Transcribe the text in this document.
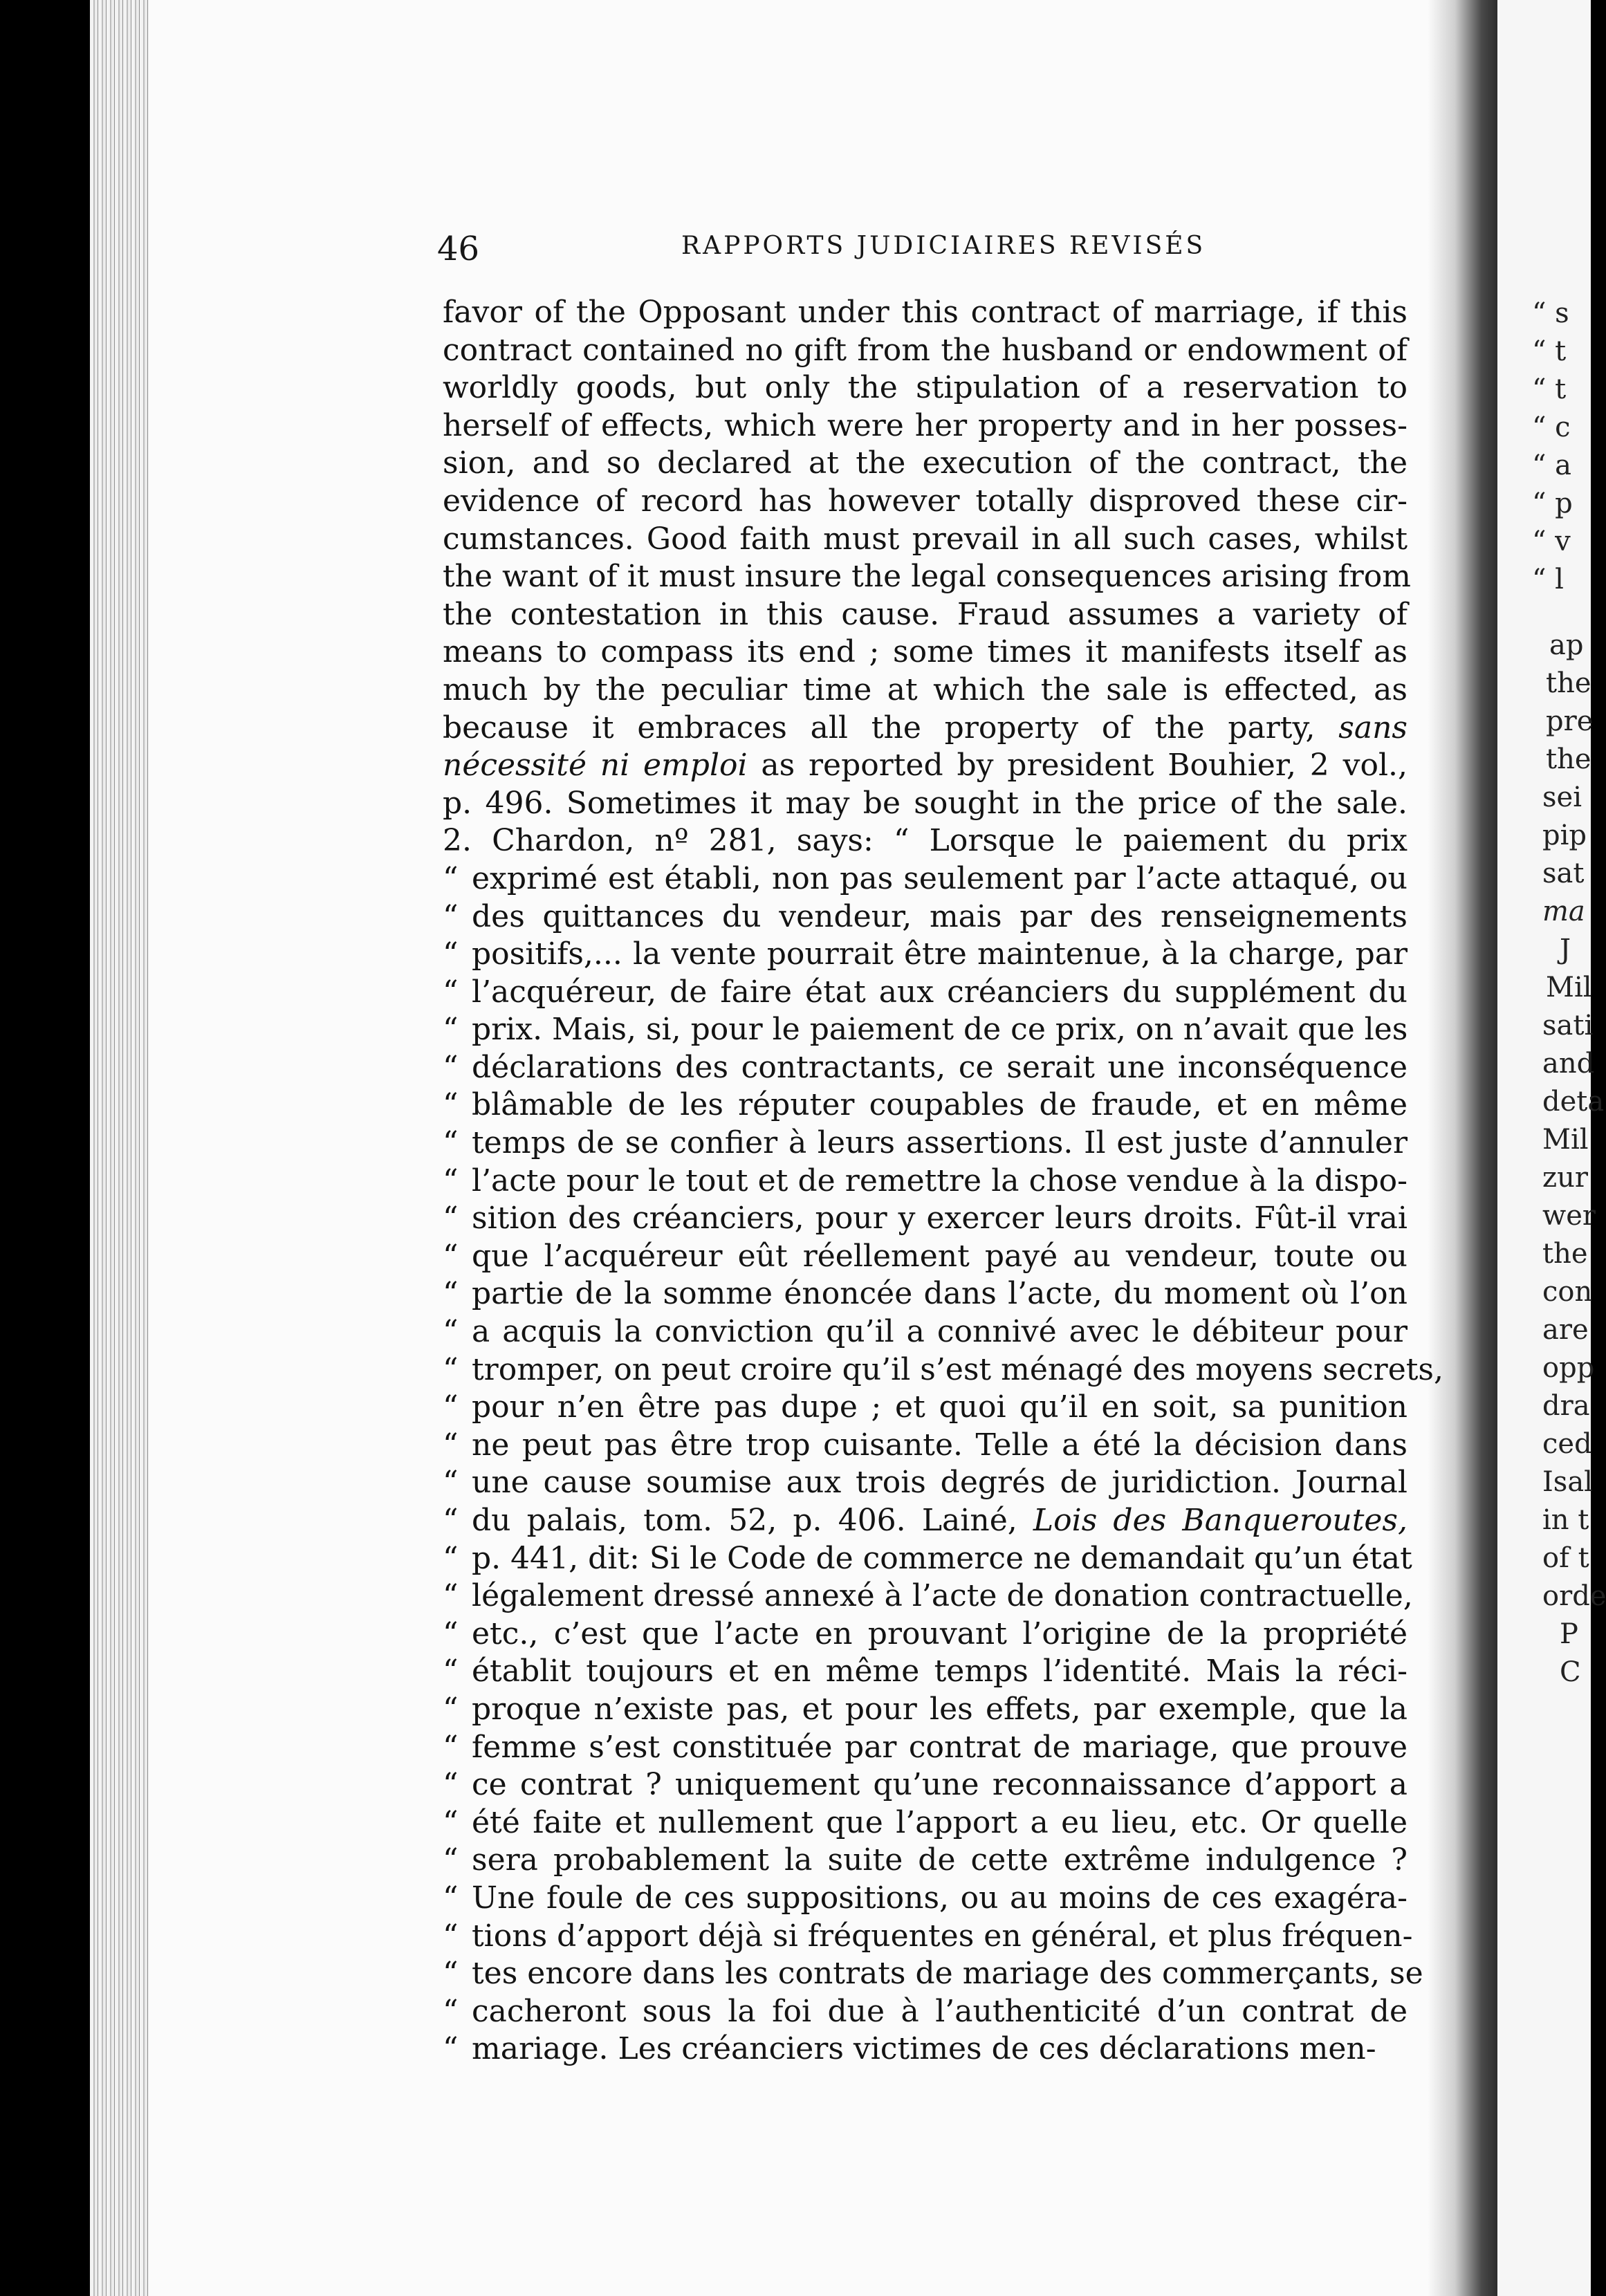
46	RAPPORTS JUDICIAIRES REVISÉS
favor of the Opposant under this contract of marriage, if this
contract contained no gift from the husband or endowment of
worldly goods, but only the stipulation of a reservation to
herself of effects, which were her property and in her posses-
sion, and so declared at the execution of the contract, the
evidence of record has however totally disproved these cir-
cumstances. Good faith must prevail in all such cases, whilst
the want of it must insure the legal consequences arising from
the contestation in this cause. Fraud assumes a variety of
means to compass its end ; some times it manifests itself as
much by the peculiar time at which the sale is effected, as
because it embraces all the property of the party, sans
nécessité ni emploi as reported by president Bouhier, 2 vol.,
p. 496. Sometimes it may be sought in the price of the sale.
2. Chardon, nº 281, says: “ Lorsque le paiement du prix
“ exprimé est établi, non pas seulement par l’acte attaqué, ou
“ des quittances du vendeur, mais par des renseignements
“ positifs,... la vente pourrait être maintenue, à la charge, par
“ l’acquéreur, de faire état aux créanciers du supplément du
“ prix. Mais, si, pour le paiement de ce prix, on n’avait que les
“ déclarations des contractants, ce serait une inconséquence
“ blâmable de les réputer coupables de fraude, et en même
“ temps de se confier à leurs assertions. Il est juste d’annuler
“ l’acte pour le tout et de remettre la chose vendue à la dispo-
“ sition des créanciers, pour y exercer leurs droits. Fût-il vrai
“ que l’acquéreur eût réellement payé au vendeur, toute ou
“ partie de la somme énoncée dans l’acte, du moment où l’on
“ a acquis la conviction qu’il a connivé avec le débiteur pour
“ tromper, on peut croire qu’il s’est ménagé des moyens secrets,
“ pour n’en être pas dupe ; et quoi qu’il en soit, sa punition
“ ne peut pas être trop cuisante. Telle a été la décision dans
“ une cause soumise aux trois degrés de juridiction. Journal
“ du palais, tom. 52, p. 406. Lainé, Lois des Banqueroutes,
“ p. 441, dit: Si le Code de commerce ne demandait qu’un état
“ légalement dressé annexé à l’acte de donation contractuelle,
“ etc., c’est que l’acte en prouvant l’origine de la propriété
“ établit toujours et en même temps l’identité. Mais la réci-
“ proque n’existe pas, et pour les effets, par exemple, que la
“ femme s’est constituée par contrat de mariage, que prouve
“ ce contrat ? uniquement qu’une reconnaissance d’apport a
“ été faite et nullement que l’apport a eu lieu, etc. Or quelle
“ sera probablement la suite de cette extrême indulgence ?
“ Une foule de ces suppositions, ou au moins de ces exagéra-
“ tions d’apport déjà si fréquentes en général, et plus fréquen-
“ tes encore dans les contrats de mariage des commerçants, se
“ cacheront sous la foi due à l’authenticité d’un contrat de
“ mariage. Les créanciers victimes de ces déclarations men-
“ s
“ t
“ t
“ c
“ a
“ p
“ v
“ l
ap
the
pre
the
sei
pip
sat
ma
J
Mil
sati
and
deta
Mil
zur
wer
the
con
are
opp
dra
ced
Isal
in t
of t
orde
P
C
